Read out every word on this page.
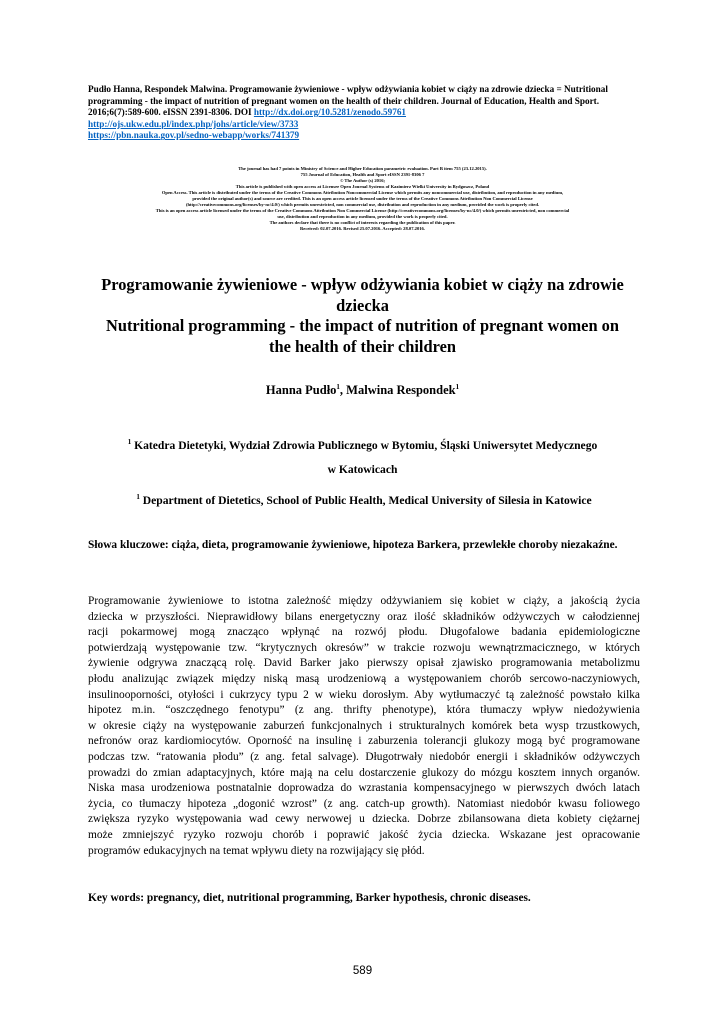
Pudło Hanna, Respondek Malwina. Programowanie żywieniowe - wpływ odżywiania kobiet w ciąży na zdrowie dziecka = Nutritional
programming - the impact of nutrition of pregnant women on the health of their children. Journal of Education, Health and Sport.
2016;6(7):589-600. eISSN 2391-8306. DOI http://dx.doi.org/10.5281/zenodo.59761
http://ojs.ukw.edu.pl/index.php/johs/article/view/3733
https://pbn.nauka.gov.pl/sedno-webapp/works/741379
The journal has had 7 points in Ministry of Science and Higher Education parametric evaluation. Part B item 755 (23.12.2015).
755 Journal of Education, Health and Sport eISSN 2391-8306 7
© The Author (s) 2016;
This article is published with open access at Licensee Open Journal Systems of Kazimierz Wielki University in Bydgoszcz, Poland
Open Access. This article is distributed under the terms of the Creative Commons Attribution Noncommercial License which permits any noncommercial use, distribution, and reproduction in any medium,
provided the original author(s) and source are credited. This is an open access article licensed under the terms of the Creative Commons Attribution Non Commercial License
(http://creativecommons.org/licenses/by-nc/4.0/) which permits unrestricted, non commercial use, distribution and reproduction in any medium, provided the work is properly cited.
This is an open access article licensed under the terms of the Creative Commons Attribution Non Commercial License (http://creativecommons.org/licenses/by-nc/4.0/) which permits unrestricted, non commercial
use, distribution and reproduction in any medium, provided the work is properly cited.
The authors declare that there is no conflict of interests regarding the publication of this paper.
Received: 02.07.2016. Revised 25.07.2016. Accepted: 28.07.2016.
Programowanie żywieniowe - wpływ odżywiania kobiet w ciąży na zdrowie
dziecka
Nutritional programming - the impact of nutrition of pregnant women on
the health of their children
Hanna Pudło$^1$, Malwina Respondek$^1$
$^1$ Katedra Dietetyki, Wydział Zdrowia Publicznego w Bytomiu, Śląski Uniwersytet Medycznego
w Katowicach
$^1$ Department of Dietetics, School of Public Health, Medical University of Silesia in Katowice
Słowa kluczowe: ciąża, dieta, programowanie żywieniowe, hipoteza Barkera, przewlekłe choroby niezakaźne.
Programowanie żywieniowe to istotna zależność między odżywianiem się kobiet w ciąży, a jakością życia
dziecka w przyszłości. Nieprawidłowy bilans energetyczny oraz ilość składników odżywczych w całodziennej
racji pokarmowej mogą znacząco wpłynąć na rozwój płodu. Długofalowe badania epidemiologiczne
potwierdzają występowanie tzw. “krytycznych okresów” w trakcie rozwoju wewnątrzmacicznego, w których
żywienie odgrywa znaczącą rolę. David Barker jako pierwszy opisał zjawisko programowania metabolizmu
płodu analizując związek między niską masą urodzeniową a występowaniem chorób sercowo-naczyniowych,
insulinooporności, otyłości i cukrzycy typu 2 w wieku dorosłym. Aby wytłumaczyć tą zależność powstało kilka
hipotez m.in. “oszczędnego fenotypu” (z ang. thrifty phenotype), która tłumaczy wpływ niedożywienia
w okresie ciąży na występowanie zaburzeń funkcjonalnych i strukturalnych komórek beta wysp trzustkowych,
nefronów oraz kardiomiocytów. Oporność na insulinę i zaburzenia tolerancji glukozy mogą być programowane
podczas tzw. “ratowania płodu” (z ang. fetal salvage). Długotrwały niedobór energii i składników odżywczych
prowadzi do zmian adaptacyjnych, które mają na celu dostarczenie glukozy do mózgu kosztem innych organów.
Niska masa urodzeniowa postnatalnie doprowadza do wzrastania kompensacyjnego w pierwszych dwóch latach
życia, co tłumaczy hipoteza „dogonić wzrost” (z ang. catch-up growth). Natomiast niedobór kwasu foliowego
zwiększa ryzyko występowania wad cewy nerwowej u dziecka. Dobrze zbilansowana dieta kobiety ciężarnej
może zmniejszyć ryzyko rozwoju chorób i poprawić jakość życia dziecka. Wskazane jest opracowanie
programów edukacyjnych na temat wpływu diety na rozwijający się płód.
Key words: pregnancy, diet, nutritional programming, Barker hypothesis, chronic diseases.
589
